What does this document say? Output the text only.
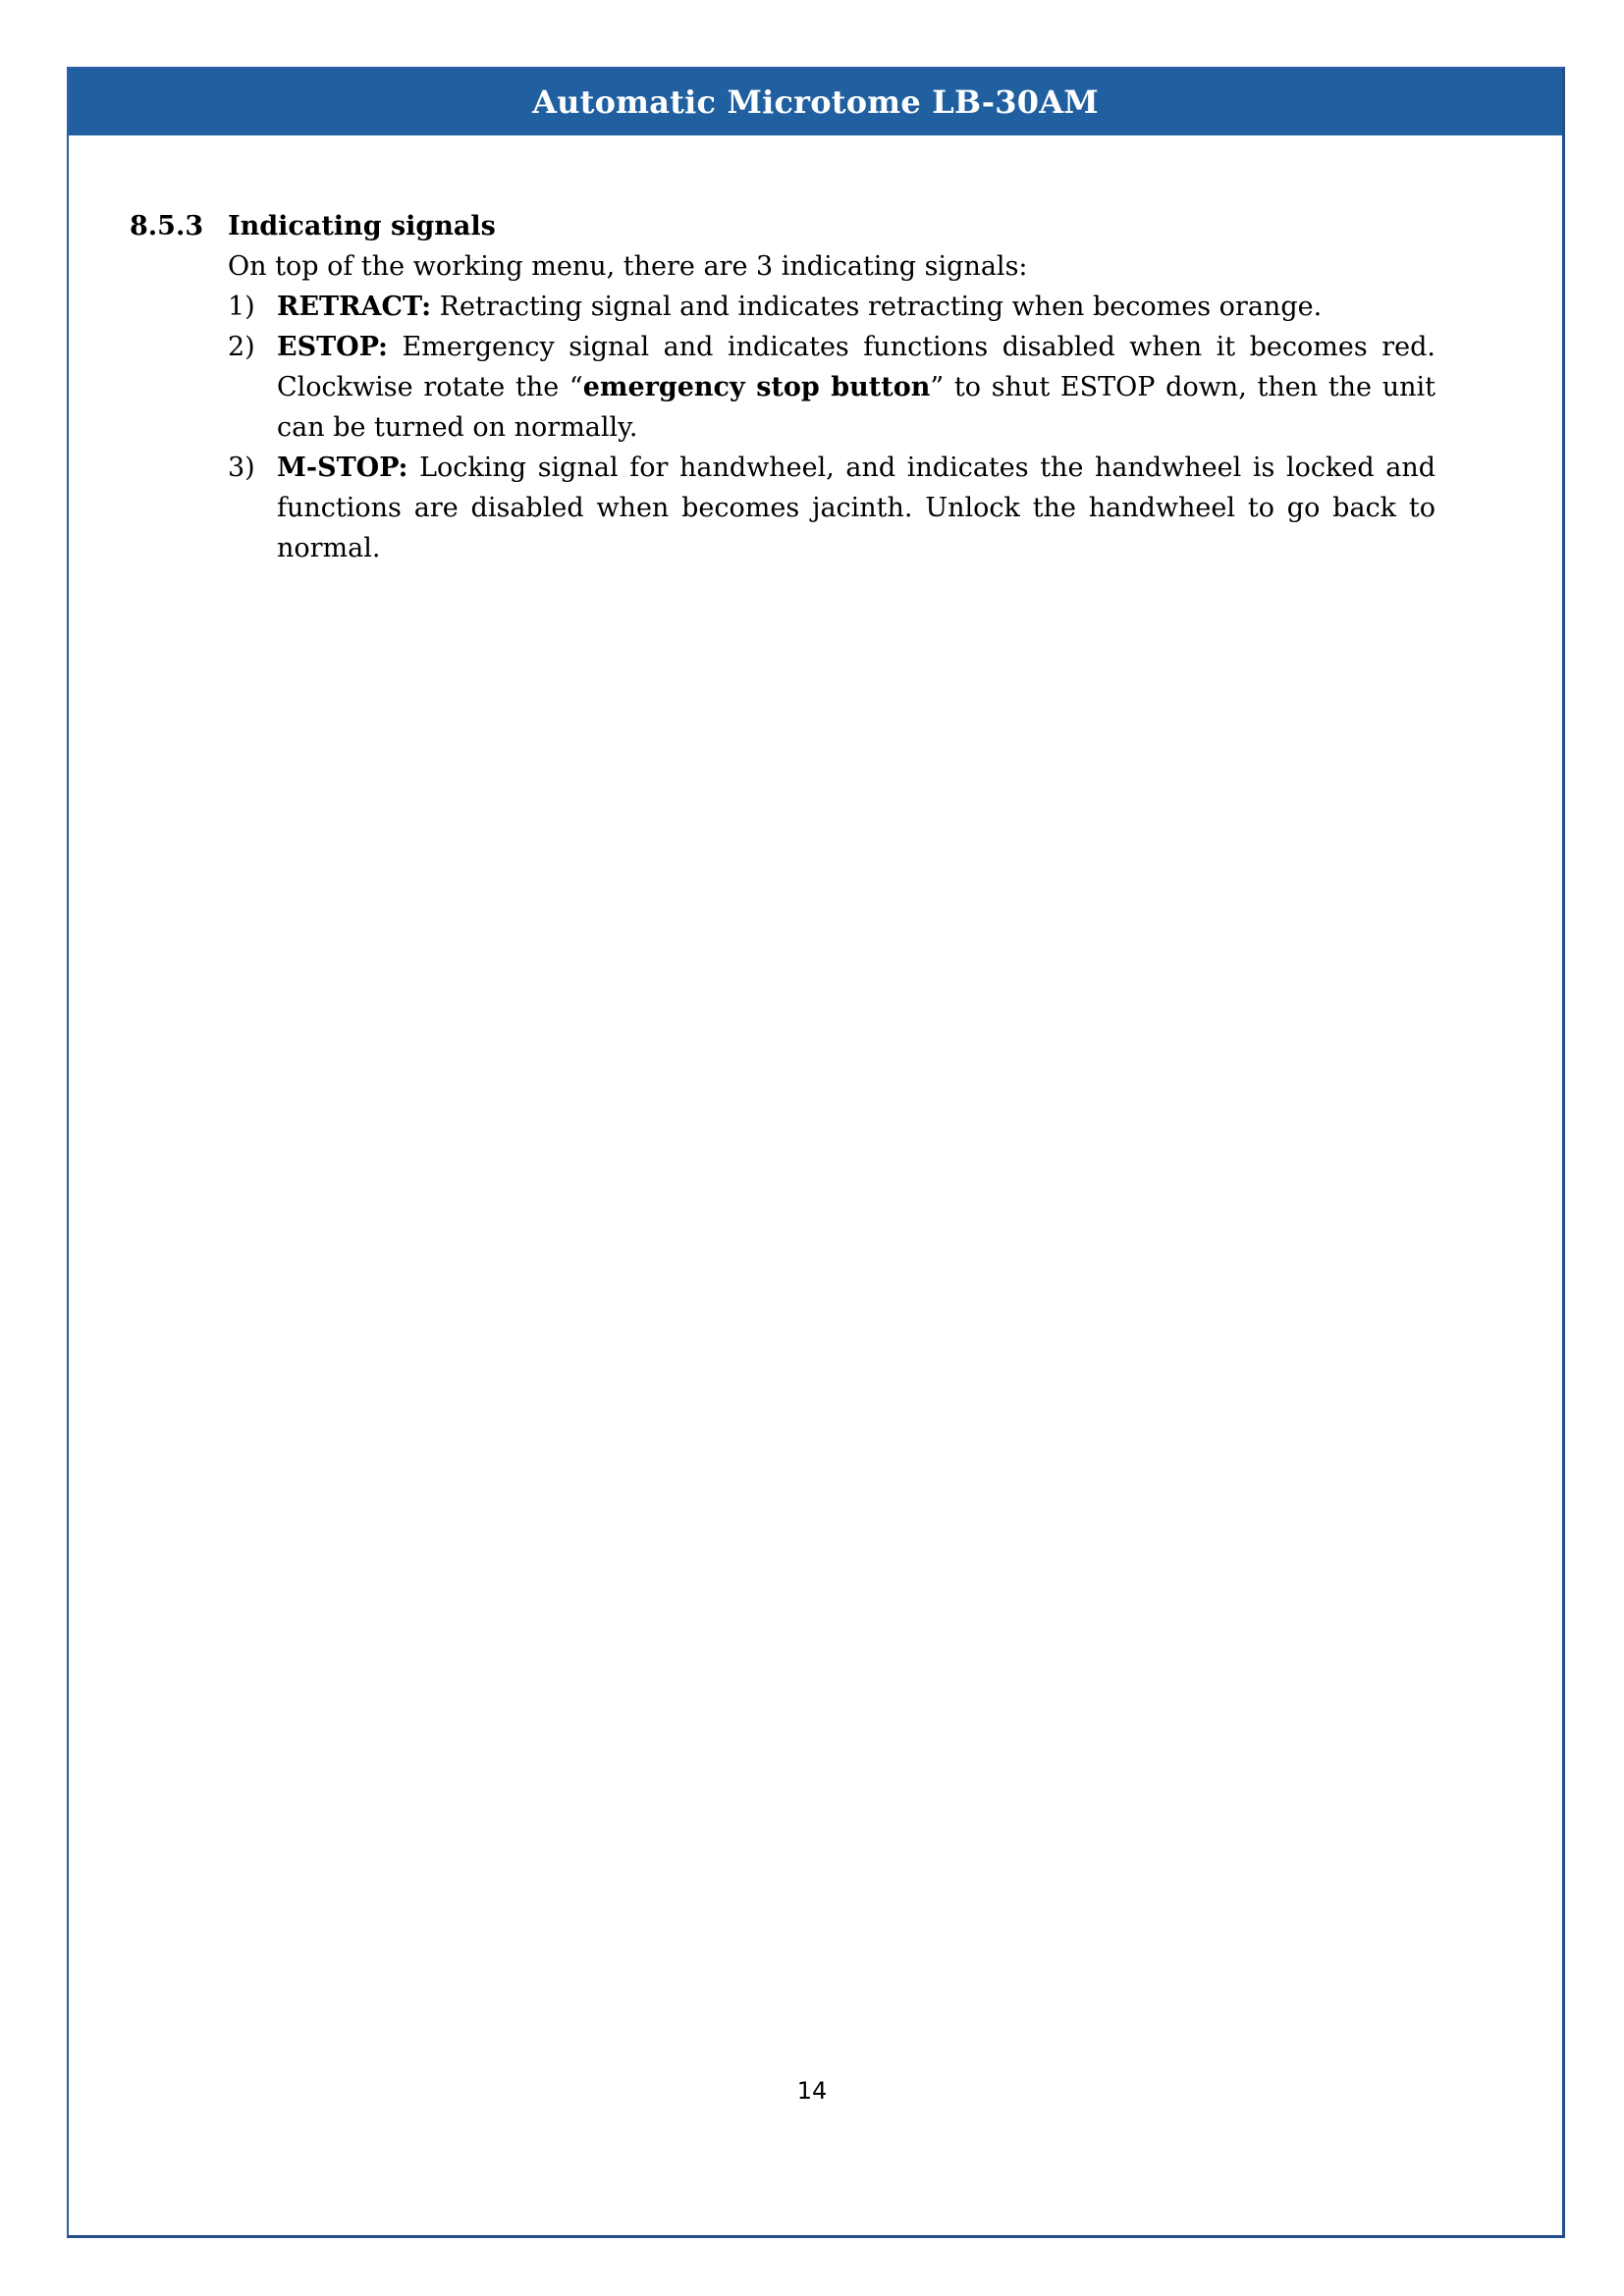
Automatic Microtome LB-30AM
8.5.3 Indicating signals
On top of the working menu, there are 3 indicating signals:
1) RETRACT: Retracting signal and indicates retracting when becomes orange.
2) ESTOP: Emergency signal and indicates functions disabled when it becomes red. Clockwise rotate the “emergency stop button” to shut ESTOP down, then the unit can be turned on normally.
3) M-STOP: Locking signal for handwheel, and indicates the handwheel is locked and functions are disabled when becomes jacinth. Unlock the handwheel to go back to normal.
14
